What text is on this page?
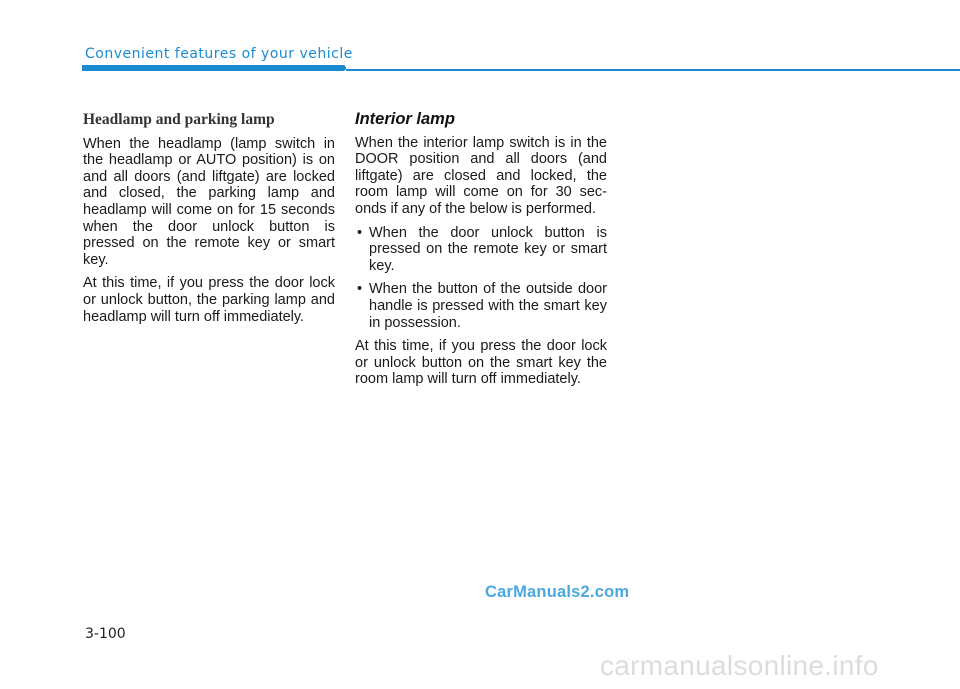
Convenient features of your vehicle
Headlamp and parking lamp

When the headlamp (lamp switch in the headlamp or AUTO position) is on and all doors (and liftgate) are locked and closed, the parking lamp and headlamp will come on for 15 seconds when the door unlock button is pressed on the remote key or smart key.

At this time, if you press the door lock or unlock button, the parking lamp and headlamp will turn off immediately.

Interior lamp

When the interior lamp switch is in the DOOR position and all doors (and liftgate) are closed and locked, the room lamp will come on for 30 sec-onds if any of the below is performed.

• When the door unlock button is pressed on the remote key or smart key.
• When the button of the outside door handle is pressed with the smart key in possession.

At this time, if you press the door lock or unlock button on the smart key the room lamp will turn off immediately.

CarManuals2.com
3-100
carmanualsonline.info
